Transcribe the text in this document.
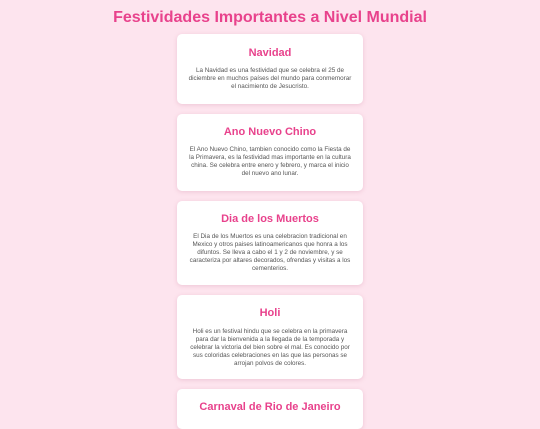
Festividades Importantes a Nivel Mundial
Navidad

La Navidad es una festividad que se celebra el 25 de diciembre en muchos países del mundo para conmemorar el nacimiento de Jesucristo.

Ano Nuevo Chino

El Ano Nuevo Chino, tambien conocido como la Fiesta de la Primavera, es la festividad mas importante en la cultura china. Se celebra entre enero y febrero, y marca el inicio del nuevo ano lunar.

Dia de los Muertos

El Dia de los Muertos es una celebracion tradicional en Mexico y otros paises latinoamericanos que honra a los difuntos. Se lleva a cabo el 1 y 2 de noviembre, y se caracteriza por altares decorados, ofrendas y visitas a los cementerios.

Holi

Holi es un festival hindu que se celebra en la primavera para dar la bienvenida a la llegada de la temporada y celebrar la victoria del bien sobre el mal. Es conocido por sus coloridas celebraciones en las que las personas se arrojan polvos de colores.

Carnaval de Rio de Janeiro
